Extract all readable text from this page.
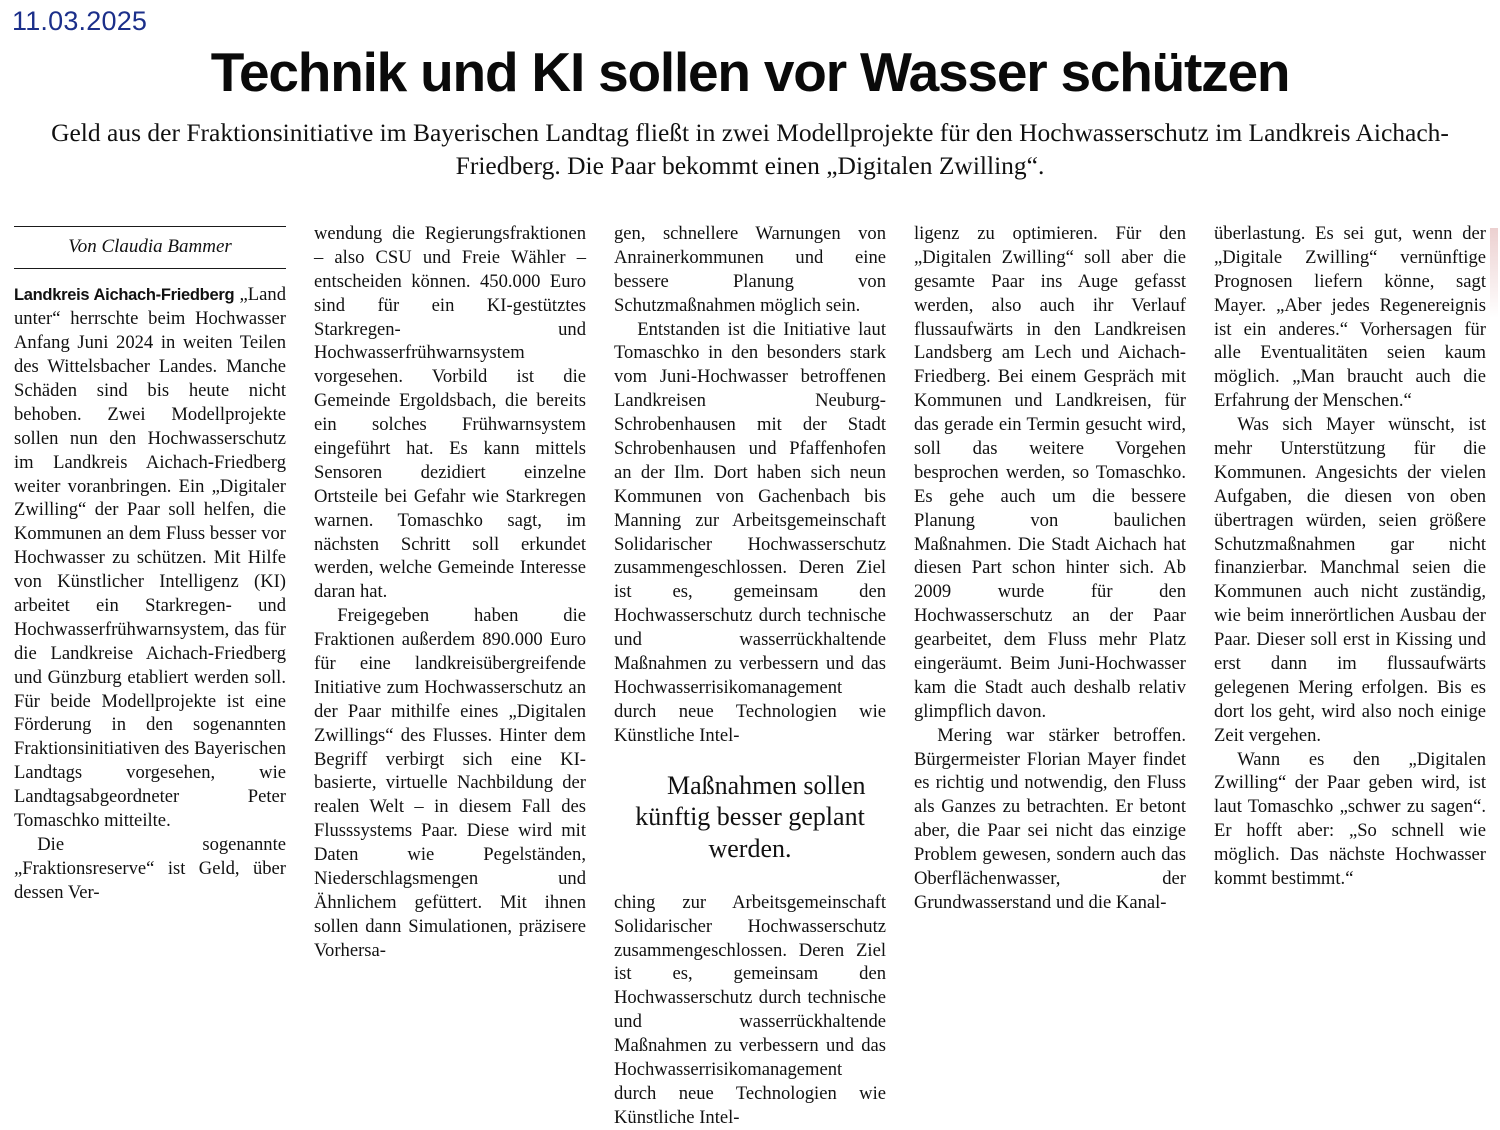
11.03.2025
Technik und KI sollen vor Wasser schützen
Geld aus der Fraktionsinitiative im Bayerischen Landtag fließt in zwei Modellprojekte für den Hochwasserschutz im Landkreis Aichach-Friedberg. Die Paar bekommt einen „Digitalen Zwilling“.
Von Claudia Bammer

Landkreis Aichach-Friedberg „Land unter“ herrschte beim Hochwasser Anfang Juni 2024 in weiten Teilen des Wittelsbacher Landes. Manche Schäden sind bis heute nicht behoben. Zwei Modellprojekte sollen nun den Hochwasserschutz im Landkreis Aichach-Friedberg weiter voranbringen. Ein „Digitaler Zwilling“ der Paar soll helfen, die Kommunen an dem Fluss besser vor Hochwasser zu schützen. Mit Hilfe von Künstlicher Intelligenz (KI) arbeitet ein Starkregen- und Hochwasserfrühwarnsystem, das für die Landkreise Aichach-Friedberg und Günzburg etabliert werden soll. Für beide Modellprojekte ist eine Förderung in den sogenannten Fraktionsinitiativen des Bayerischen Landtags vorgesehen, wie Landtagsabgeordneter Peter Tomaschko mitteilte.

Die sogenannte „Fraktionsreserve“ ist Geld, über dessen Ver-

wendung die Regierungsfraktionen – also CSU und Freie Wähler – entscheiden können. 450.000 Euro sind für ein KI-gestütztes Starkregen- und Hochwasserfrühwarnsystem vorgesehen. Vorbild ist die Gemeinde Ergoldsbach, die bereits ein solches Frühwarnsystem eingeführt hat. Es kann mittels Sensoren dezidiert einzelne Ortsteile bei Gefahr wie Starkregen warnen. Tomaschko sagt, im nächsten Schritt soll erkundet werden, welche Gemeinde Interesse daran hat.

Freigegeben haben die Fraktionen außerdem 890.000 Euro für eine landkreisübergreifende Initiative zum Hochwasserschutz an der Paar mithilfe eines „Digitalen Zwillings“ des Flusses. Hinter dem Begriff verbirgt sich eine KI-basierte, virtuelle Nachbildung der realen Welt – in diesem Fall des Flusssystems Paar. Diese wird mit Daten wie Pegelständen, Niederschlagsmengen und Ähnlichem gefüttert. Mit ihnen sollen dann Simulationen, präzisere Vorhersa-

gen, schnellere Warnungen von Anrainerkommunen und eine bessere Planung von Schutzmaßnahmen möglich sein.

Entstanden ist die Initiative laut Tomaschko in den besonders stark vom Juni-Hochwasser betroffenen Landkreisen Neuburg-Schrobenhausen mit der Stadt Schrobenhausen und Pfaffenhofen an der Ilm. Dort haben sich neun Kommunen von Gachenbach bis Manning zur Arbeitsgemeinschaft Solidarischer Hochwasserschutz zusammengeschlossen. Deren Ziel ist es, gemeinsam den Hochwasserschutz durch technische und wasserrückhaltende Maßnahmen zu verbessern und das Hochwasserrisikomanagement durch neue Technologien wie Künstliche Intel-

Maßnahmen sollen künftig besser geplant werden.

ching zur Arbeitsgemeinschaft Solidarischer Hochwasserschutz zusammengeschlossen. Deren Ziel ist es, gemeinsam den Hochwasserschutz durch technische und wasserrückhaltende Maßnahmen zu verbessern und das Hochwasserrisikomanagement durch neue Technologien wie Künstliche Intel-

ligenz zu optimieren. Für den „Digitalen Zwilling“ soll aber die gesamte Paar ins Auge gefasst werden, also auch ihr Verlauf flussaufwärts in den Landkreisen Landsberg am Lech und Aichach-Friedberg. Bei einem Gespräch mit Kommunen und Landkreisen, für das gerade ein Termin gesucht wird, soll das weitere Vorgehen besprochen werden, so Tomaschko. Es gehe auch um die bessere Planung von baulichen Maßnahmen. Die Stadt Aichach hat diesen Part schon hinter sich. Ab 2009 wurde für den Hochwasserschutz an der Paar gearbeitet, dem Fluss mehr Platz eingeräumt. Beim Juni-Hochwasser kam die Stadt auch deshalb relativ glimpflich davon.

Mering war stärker betroffen. Bürgermeister Florian Mayer findet es richtig und notwendig, den Fluss als Ganzes zu betrachten. Er betont aber, die Paar sei nicht das einzige Problem gewesen, sondern auch das Oberflächenwasser, der Grundwasserstand und die Kanal-

überlastung. Es sei gut, wenn der „Digitale Zwilling“ vernünftige Prognosen liefern könne, sagt Mayer. „Aber jedes Regenereignis ist ein anderes.“ Vorhersagen für alle Eventualitäten seien kaum möglich. „Man braucht auch die Erfahrung der Menschen.“

Was sich Mayer wünscht, ist mehr Unterstützung für die Kommunen. Angesichts der vielen Aufgaben, die diesen von oben übertragen würden, seien größere Schutzmaßnahmen gar nicht finanzierbar. Manchmal seien die Kommunen auch nicht zuständig, wie beim innerörtlichen Ausbau der Paar. Dieser soll erst in Kissing und erst dann im flussaufwärts gelegenen Mering erfolgen. Bis es dort los geht, wird also noch einige Zeit vergehen.

Wann es den „Digitalen Zwilling“ der Paar geben wird, ist laut Tomaschko „schwer zu sagen“. Er hofft aber: „So schnell wie möglich. Das nächste Hochwasser kommt bestimmt.“
